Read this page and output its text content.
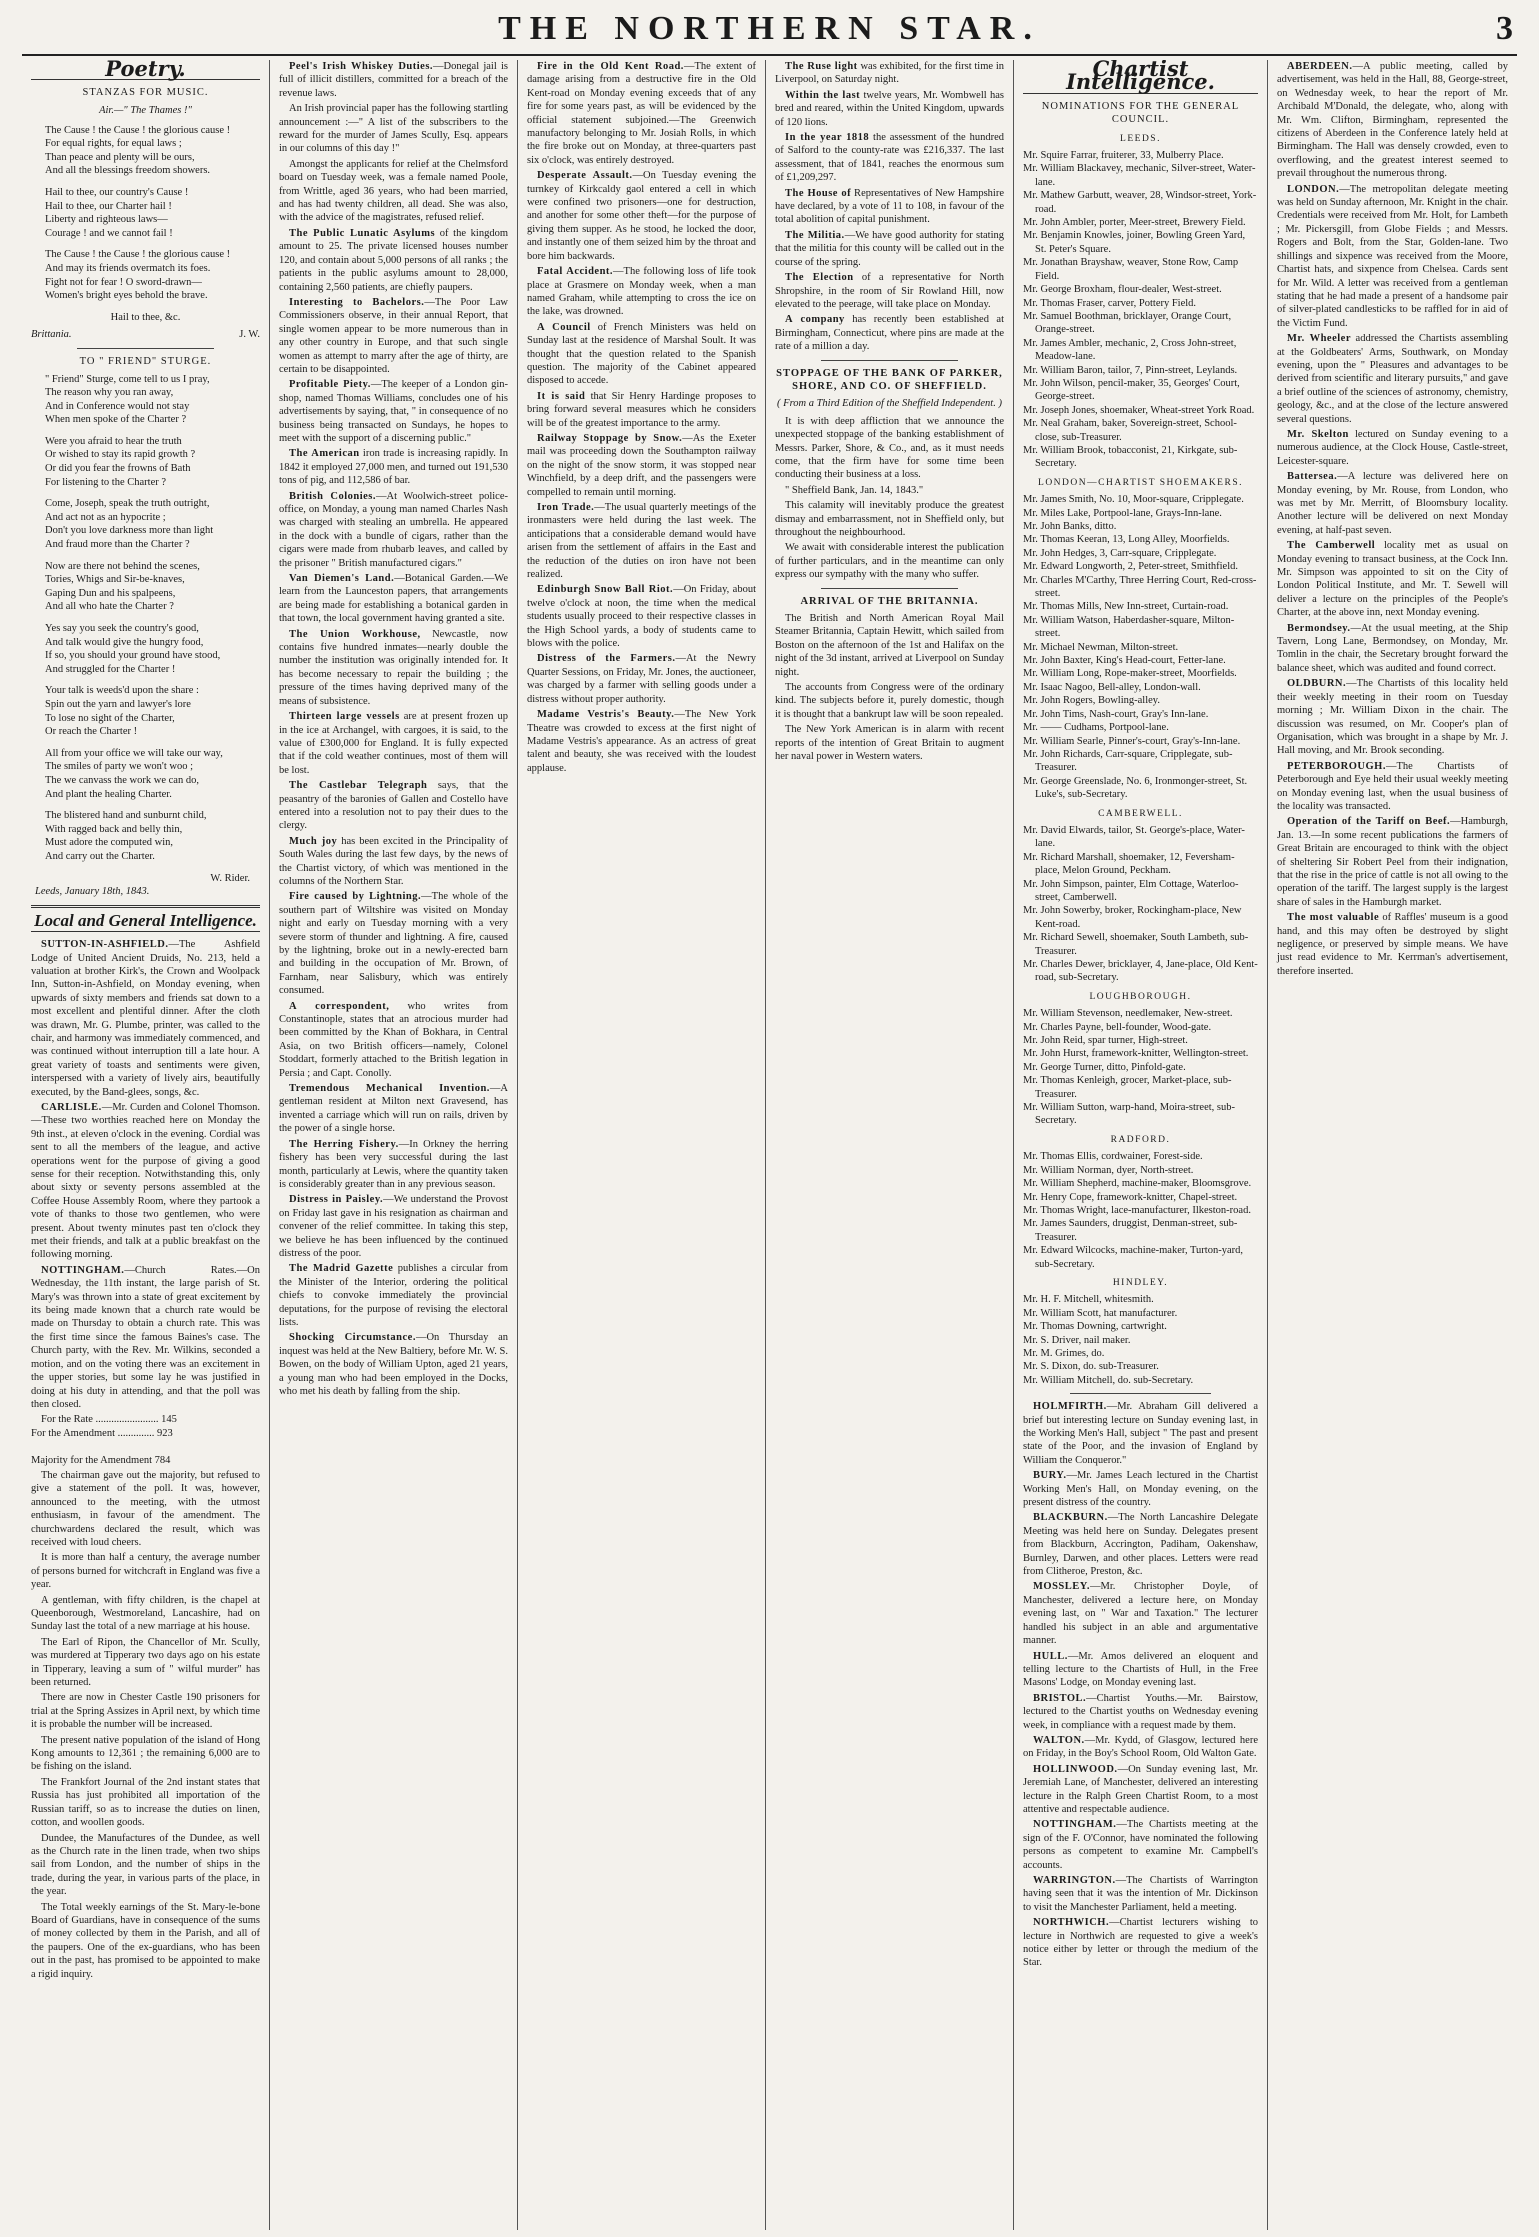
THE NORTHERN STAR.	3
Poetry.
STANZAS FOR MUSIC.
Air.—" The Thames !"
The Cause ! the Cause ! the glorious cause !
For equal rights, for equal laws ;
Than peace and plenty will be ours,
And all the blessings freedom showers.
Hail to thee, our country's Cause !
Hail to thee, our Charter hail !
Liberty and righteous laws—
Courage ! and we cannot fail !
The Cause ! the Cause ! the glorious cause !
And may its friends overmatch its foes.
Fight not for fear ! O sword-drawn—
Women's bright eyes behold the brave.
Hail to thee, &c.
Brittania.	J. W.
TO " FRIEND" STURGE.
" Friend" Sturge, come tell to us I pray,
The reason why you ran away,
And in Conference would not stay
When men spoke of the Charter ?
Were you afraid to hear the truth
Or wished to stay its rapid growth ?
Or did you fear the frowns of Bath
For listening to the Charter ?
Come, Joseph, speak the truth outright,
And act not as an hypocrite ;
Don't you love darkness more than light
And fraud more than the Charter ?
Now are there not behind the scenes,
Tories, Whigs and Sir-be-knaves,
Gaping Dun and his spalpeens,
And all who hate the Charter ?
Yes say you seek the country's good,
And talk would give the hungry food,
If so, you should your ground have stood,
And struggled for the Charter !
Your talk is weeds'd upon the share :
Spin out the yarn and lawyer's lore
To lose no sight of the Charter,
Or reach the Charter !
All from your office we will take our way,
The smiles of party we won't woo ;
The we canvass the work we can do,
And plant the healing Charter.
The blistered hand and sunburnt child,
With ragged back and belly thin,
Must adore the computed win,
And carry out the Charter.
W. Rider.
Leeds, January 18th, 1843.
Local and General Intelligence.

SUTTON-IN-ASHFIELD.—The Ashfield Lodge of United Ancient Druids, No. 213, held a valuation at brother Kirk's, the Crown and Woolpack Inn, Sutton-in-Ashfield, on Monday evening, when upwards of sixty members and friends sat down to a most excellent and plentiful dinner. After the cloth was drawn, Mr. G. Plumbe, printer, was called to the chair, and harmony was immediately commenced, and was continued without interruption till a late hour. A great variety of toasts and sentiments were given, interspersed with a variety of lively airs, beautifully executed, by the Band-glees, songs, &c.

CARLISLE.—Mr. Curden and Colonel Thomson.—These two worthies reached here on Monday the 9th inst., at eleven o'clock in the evening. Cordial was sent to all the members of the league, and active operations went for the purpose of giving a good sense for their reception. Notwithstanding this, only about sixty or seventy persons assembled at the Coffee House Assembly Room, where they partook a vote of thanks to those two gentlemen, who were present. About twenty minutes past ten o'clock they met their friends, and talk at a public breakfast on the following morning.

NOTTINGHAM.—Church Rates.—On Wednesday, the 11th instant, the large parish of St. Mary's was thrown into a state of great excitement by its being made known that a church rate would be made on Thursday to obtain a church rate. This was the first time since the famous Baines's case. The Church party, with the Rev. Mr. Wilkins, seconded a motion, and on the voting there was an excitement in the upper stories, but some lay he was justified in doing at his duty in attending, and that the poll was then closed.

For the Rate ........................ 145
For the Amendment .............. 923

Majority for the Amendment 784

The chairman gave out the majority, but refused to give a statement of the poll. It was, however, announced to the meeting, with the utmost enthusiasm, in favour of the amendment. The churchwardens declared the result, which was received with loud cheers.

It is more than half a century, the average number of persons burned for witchcraft in England was five a year.

A gentleman, with fifty children, is the chapel at Queenborough, Westmoreland, Lancashire, had on Sunday last the total of a new marriage at his house.

The Earl of Ripon, the Chancellor of Mr. Scully, was murdered at Tipperary two days ago on his estate in Tipperary, leaving a sum of " wilful murder" has been returned.

There are now in Chester Castle 190 prisoners for trial at the Spring Assizes in April next, by which time it is probable the number will be increased.

The present native population of the island of Hong Kong amounts to 12,361 ; the remaining 6,000 are to be fishing on the island.

The Frankfort Journal of the 2nd instant states that Russia has just prohibited all importation of the Russian tariff, so as to increase the duties on linen, cotton, and woollen goods.

Dundee, the Manufactures of the Dundee, as well as the Church rate in the linen trade, when two ships sail from London, and the number of ships in the trade, during the year, in various parts of the place, in the year.

The Total weekly earnings of the St. Mary-le-bone Board of Guardians, have in consequence of the sums of money collected by them in the Parish, and all of the paupers. One of the ex-guardians, who has been out in the past, has promised to be appointed to make a rigid inquiry.

Peel's Irish Whiskey Duties.—Donegal jail is full of illicit distillers, committed for a breach of the revenue laws.

An Irish provincial paper has the following startling announcement :—" A list of the subscribers to the reward for the murder of James Scully, Esq. appears in our columns of this day !"

Amongst the applicants for relief at the Chelmsford board on Tuesday week, was a female named Poole, from Writtle, aged 36 years, who had been married, and has had twenty children, all dead. She was also, with the advice of the magistrates, refused relief.

The Public Lunatic Asylums of the kingdom amount to 25. The private licensed houses number 120, and contain about 5,000 persons of all ranks ; the patients in the public asylums amount to 28,000, containing 2,560 patients, are chiefly paupers.

Interesting to Bachelors.—The Poor Law Commissioners observe, in their annual Report, that single women appear to be more numerous than in any other country in Europe, and that such single women as attempt to marry after the age of thirty, are certain to be disappointed.

Profitable Piety.—The keeper of a London gin-shop, named Thomas Williams, concludes one of his advertisements by saying, that, " in consequence of no business being transacted on Sundays, he hopes to meet with the support of a discerning public."

The American iron trade is increasing rapidly. In 1842 it employed 27,000 men, and turned out 191,530 tons of pig, and 112,586 of bar.

British Colonies.—At Woolwich-street police-office, on Monday, a young man named Charles Nash was charged with stealing an umbrella. He appeared in the dock with a bundle of cigars, rather than the cigars were made from rhubarb leaves, and called by the prisoner " British manufactured cigars."

Van Diemen's Land.—Botanical Garden.—We learn from the Launceston papers, that arrangements are being made for establishing a botanical garden in that town, the local government having granted a site.

The Union Workhouse, Newcastle, now contains five hundred inmates—nearly double the number the institution was originally intended for. It has become necessary to repair the building ; the pressure of the times having deprived many of the means of subsistence.

Thirteen large vessels are at present frozen up in the ice at Archangel, with cargoes, it is said, to the value of £300,000 for England. It is fully expected that if the cold weather continues, most of them will be lost.

The Castlebar Telegraph says, that the peasantry of the baronies of Gallen and Costello have entered into a resolution not to pay their dues to the clergy.

Much joy has been excited in the Principality of South Wales during the last few days, by the news of the Chartist victory, of which was mentioned in the columns of the Northern Star.

Fire caused by Lightning.—The whole of the southern part of Wiltshire was visited on Monday night and early on Tuesday morning with a very severe storm of thunder and lightning. A fire, caused by the lightning, broke out in a newly-erected barn and building in the occupation of Mr. Brown, of Farnham, near Salisbury, which was entirely consumed.

A correspondent, who writes from Constantinople, states that an atrocious murder had been committed by the Khan of Bokhara, in Central Asia, on two British officers—namely, Colonel Stoddart, formerly attached to the British legation in Persia ; and Capt. Conolly.

Tremendous Mechanical Invention.—A gentleman resident at Milton next Gravesend, has invented a carriage which will run on rails, driven by the power of a single horse.

The Herring Fishery.—In Orkney the herring fishery has been very successful during the last month, particularly at Lewis, where the quantity taken is considerably greater than in any previous season.

Distress in Paisley.—We understand the Provost on Friday last gave in his resignation as chairman and convener of the relief committee. In taking this step, we believe he has been influenced by the continued distress of the poor.

The Madrid Gazette publishes a circular from the Minister of the Interior, ordering the political chiefs to convoke immediately the provincial deputations, for the purpose of revising the electoral lists.

Shocking Circumstance.—On Thursday an inquest was held at the New Baltiery, before Mr. W. S. Bowen, on the body of William Upton, aged 21 years, a young man who had been employed in the Docks, who met his death by falling from the ship.

Fire in the Old Kent Road.—The extent of damage arising from a destructive fire in the Old Kent-road on Monday evening exceeds that of any fire for some years past, as will be evidenced by the official statement subjoined.—The Greenwich manufactory belonging to Mr. Josiah Rolls, in which the fire broke out on Monday, at three-quarters past six o'clock, was entirely destroyed.

Desperate Assault.—On Tuesday evening the turnkey of Kirkcaldy gaol entered a cell in which were confined two prisoners—one for destruction, and another for some other theft—for the purpose of giving them supper. As he stood, he locked the door, and instantly one of them seized him by the throat and bore him backwards.

Fatal Accident.—The following loss of life took place at Grasmere on Monday week, when a man named Graham, while attempting to cross the ice on the lake, was drowned.

A Council of French Ministers was held on Sunday last at the residence of Marshal Soult. It was thought that the question related to the Spanish question. The majority of the Cabinet appeared disposed to accede.

It is said that Sir Henry Hardinge proposes to bring forward several measures which he considers will be of the greatest importance to the army.

Railway Stoppage by Snow.—As the Exeter mail was proceeding down the Southampton railway on the night of the snow storm, it was stopped near Winchfield, by a deep drift, and the passengers were compelled to remain until morning.

Iron Trade.—The usual quarterly meetings of the ironmasters were held during the last week. The anticipations that a considerable demand would have arisen from the settlement of affairs in the East and the reduction of the duties on iron have not been realized.

Edinburgh Snow Ball Riot.—On Friday, about twelve o'clock at noon, the time when the medical students usually proceed to their respective classes in the High School yards, a body of students came to blows with the police.

Distress of the Farmers.—At the Newry Quarter Sessions, on Friday, Mr. Jones, the auctioneer, was charged by a farmer with selling goods under a distress without proper authority.

Madame Vestris's Beauty.—The New York Theatre was crowded to excess at the first night of Madame Vestris's appearance. As an actress of great talent and beauty, she was received with the loudest applause.

The Ruse light was exhibited, for the first time in Liverpool, on Saturday night.

Within the last twelve years, Mr. Wombwell has bred and reared, within the United Kingdom, upwards of 120 lions.

In the year 1818 the assessment of the hundred of Salford to the county-rate was £216,337. The last assessment, that of 1841, reaches the enormous sum of £1,209,297.

The House of Representatives of New Hampshire have declared, by a vote of 11 to 108, in favour of the total abolition of capital punishment.

The Militia.—We have good authority for stating that the militia for this county will be called out in the course of the spring.

The Election of a representative for North Shropshire, in the room of Sir Rowland Hill, now elevated to the peerage, will take place on Monday.

A company has recently been established at Birmingham, Connecticut, where pins are made at the rate of a million a day.

STOPPAGE OF THE BANK OF PARKER, SHORE, AND CO. OF SHEFFIELD.
( From a Third Edition of the Sheffield Independent. )

It is with deep affliction that we announce the unexpected stoppage of the banking establishment of Messrs. Parker, Shore, & Co., and, as it must needs come, that the firm have for some time been conducting their business at a loss.

" Sheffield Bank, Jan. 14, 1843."

This calamity will inevitably produce the greatest dismay and embarrassment, not in Sheffield only, but throughout the neighbourhood.

We await with considerable interest the publication of further particulars, and in the meantime can only express our sympathy with the many who suffer.

ARRIVAL OF THE BRITANNIA.

The British and North American Royal Mail Steamer Britannia, Captain Hewitt, which sailed from Boston on the afternoon of the 1st and Halifax on the night of the 3d instant, arrived at Liverpool on Sunday night.

The accounts from Congress were of the ordinary kind. The subjects before it, purely domestic, though it is thought that a bankrupt law will be soon repealed.

The New York American is in alarm with recent reports of the intention of Great Britain to augment her naval power in Western waters.

Chartist Intelligence.
NOMINATIONS FOR THE GENERAL COUNCIL.
LEEDS.

Mr. Squire Farrar, fruiterer, 33, Mulberry Place.

Mr. William Blackavey, mechanic, Silver-street, Water-lane.

Mr. Mathew Garbutt, weaver, 28, Windsor-street, York-road.

Mr. John Ambler, porter, Meer-street, Brewery Field.

Mr. Benjamin Knowles, joiner, Bowling Green Yard, St. Peter's Square.

Mr. Jonathan Brayshaw, weaver, Stone Row, Camp Field.

Mr. George Broxham, flour-dealer, West-street.

Mr. Thomas Fraser, carver, Pottery Field.

Mr. Samuel Boothman, bricklayer, Orange Court, Orange-street.

Mr. James Ambler, mechanic, 2, Cross John-street, Meadow-lane.

Mr. William Baron, tailor, 7, Pinn-street, Leylands.

Mr. John Wilson, pencil-maker, 35, Georges' Court, George-street.

Mr. Joseph Jones, shoemaker, Wheat-street York Road.

Mr. Neal Graham, baker, Sovereign-street, School-close, sub-Treasurer.

Mr. William Brook, tobacconist, 21, Kirkgate, sub-Secretary.

LONDON—CHARTIST SHOEMAKERS.

Mr. James Smith, No. 10, Moor-square, Cripplegate.

Mr. Miles Lake, Portpool-lane, Grays-Inn-lane.

Mr. John Banks, ditto.

Mr. Thomas Keeran, 13, Long Alley, Moorfields.

Mr. John Hedges, 3, Carr-square, Cripplegate.

Mr. Edward Longworth, 2, Peter-street, Smithfield.

Mr. Charles M'Carthy, Three Herring Court, Red-cross-street.

Mr. Thomas Mills, New Inn-street, Curtain-road.

Mr. William Watson, Haberdasher-square, Milton-street.

Mr. Michael Newman, Milton-street.

Mr. John Baxter, King's Head-court, Fetter-lane.

Mr. William Long, Rope-maker-street, Moorfields.

Mr. Isaac Nagoo, Bell-alley, London-wall.

Mr. John Rogers, Bowling-alley.

Mr. John Tims, Nash-court, Gray's Inn-lane.

Mr. —— Cudhams, Portpool-lane.

Mr. William Searle, Pinner's-court, Gray's-Inn-lane.

Mr. John Richards, Carr-square, Cripplegate, sub-Treasurer.

Mr. George Greenslade, No. 6, Ironmonger-street, St. Luke's, sub-Secretary.

CAMBERWELL.

Mr. David Elwards, tailor, St. George's-place, Water-lane.

Mr. Richard Marshall, shoemaker, 12, Feversham-place, Melon Ground, Peckham.

Mr. John Simpson, painter, Elm Cottage, Waterloo-street, Camberwell.

Mr. John Sowerby, broker, Rockingham-place, New Kent-road.

Mr. Richard Sewell, shoemaker, South Lambeth, sub-Treasurer.

Mr. Charles Dewer, bricklayer, 4, Jane-place, Old Kent-road, sub-Secretary.

LOUGHBOROUGH.

Mr. William Stevenson, needlemaker, New-street.

Mr. Charles Payne, bell-founder, Wood-gate.

Mr. John Reid, spar turner, High-street.

Mr. John Hurst, framework-knitter, Wellington-street.

Mr. George Turner, ditto, Pinfold-gate.

Mr. Thomas Kenleigh, grocer, Market-place, sub-Treasurer.

Mr. William Sutton, warp-hand, Moira-street, sub-Secretary.

RADFORD.

Mr. Thomas Ellis, cordwainer, Forest-side.

Mr. William Norman, dyer, North-street.

Mr. William Shepherd, machine-maker, Bloomsgrove.

Mr. Henry Cope, framework-knitter, Chapel-street.

Mr. Thomas Wright, lace-manufacturer, Ilkeston-road.

Mr. James Saunders, druggist, Denman-street, sub-Treasurer.

Mr. Edward Wilcocks, machine-maker, Turton-yard, sub-Secretary.

HINDLEY.

Mr. H. F. Mitchell, whitesmith.

Mr. William Scott, hat manufacturer.

Mr. Thomas Downing, cartwright.

Mr. S. Driver, nail maker.

Mr. M. Grimes, do.

Mr. S. Dixon, do. sub-Treasurer.

Mr. William Mitchell, do. sub-Secretary.

HOLMFIRTH.—Mr. Abraham Gill delivered a brief but interesting lecture on Sunday evening last, in the Working Men's Hall, subject " The past and present state of the Poor, and the invasion of England by William the Conqueror."

BURY.—Mr. James Leach lectured in the Chartist Working Men's Hall, on Monday evening, on the present distress of the country.

BLACKBURN.—The North Lancashire Delegate Meeting was held here on Sunday. Delegates present from Blackburn, Accrington, Padiham, Oakenshaw, Burnley, Darwen, and other places. Letters were read from Clitheroe, Preston, &c.

MOSSLEY.—Mr. Christopher Doyle, of Manchester, delivered a lecture here, on Monday evening last, on " War and Taxation." The lecturer handled his subject in an able and argumentative manner.

HULL.—Mr. Amos delivered an eloquent and telling lecture to the Chartists of Hull, in the Free Masons' Lodge, on Monday evening last.

BRISTOL.—Chartist Youths.—Mr. Bairstow, lectured to the Chartist youths on Wednesday evening week, in compliance with a request made by them.

WALTON.—Mr. Kydd, of Glasgow, lectured here on Friday, in the Boy's School Room, Old Walton Gate.

HOLLINWOOD.—On Sunday evening last, Mr. Jeremiah Lane, of Manchester, delivered an interesting lecture in the Ralph Green Chartist Room, to a most attentive and respectable audience.

NOTTINGHAM.—The Chartists meeting at the sign of the F. O'Connor, have nominated the following persons as competent to examine Mr. Campbell's accounts.

WARRINGTON.—The Chartists of Warrington having seen that it was the intention of Mr. Dickinson to visit the Manchester Parliament, held a meeting.

NORTHWICH.—Chartist lecturers wishing to lecture in Northwich are requested to give a week's notice either by letter or through the medium of the Star.

ABERDEEN.—A public meeting, called by advertisement, was held in the Hall, 88, George-street, on Wednesday week, to hear the report of Mr. Archibald M'Donald, the delegate, who, along with Mr. Wm. Clifton, Birmingham, represented the citizens of Aberdeen in the Conference lately held at Birmingham. The Hall was densely crowded, even to overflowing, and the greatest interest seemed to prevail throughout the numerous throng.

LONDON.—The metropolitan delegate meeting was held on Sunday afternoon, Mr. Knight in the chair. Credentials were received from Mr. Holt, for Lambeth ; Mr. Pickersgill, from Globe Fields ; and Messrs. Rogers and Bolt, from the Star, Golden-lane. Two shillings and sixpence was received from the Moore, Chartist hats, and sixpence from Chelsea. Cards sent for Mr. Wild. A letter was received from a gentleman stating that he had made a present of a handsome pair of silver-plated candlesticks to be raffled for in aid of the Victim Fund.

Mr. Wheeler addressed the Chartists assembling at the Goldbeaters' Arms, Southwark, on Monday evening, upon the " Pleasures and advantages to be derived from scientific and literary pursuits," and gave a brief outline of the sciences of astronomy, chemistry, geology, &c., and at the close of the lecture answered several questions.

Mr. Skelton lectured on Sunday evening to a numerous audience, at the Clock House, Castle-street, Leicester-square.

Battersea.—A lecture was delivered here on Monday evening, by Mr. Rouse, from London, who was met by Mr. Merritt, of Bloomsbury locality. Another lecture will be delivered on next Monday evening, at half-past seven.

The Camberwell locality met as usual on Monday evening to transact business, at the Cock Inn. Mr. Simpson was appointed to sit on the City of London Political Institute, and Mr. T. Sewell will deliver a lecture on the principles of the People's Charter, at the above inn, next Monday evening.

Bermondsey.—At the usual meeting, at the Ship Tavern, Long Lane, Bermondsey, on Monday, Mr. Tomlin in the chair, the Secretary brought forward the balance sheet, which was audited and found correct.

OLDBURN.—The Chartists of this locality held their weekly meeting in their room on Tuesday morning ; Mr. William Dixon in the chair. The discussion was resumed, on Mr. Cooper's plan of Organisation, which was brought in a shape by Mr. J. Hall moving, and Mr. Brook seconding.

PETERBOROUGH.—The Chartists of Peterborough and Eye held their usual weekly meeting on Monday evening last, when the usual business of the locality was transacted.

Operation of the Tariff on Beef.—Hamburgh, Jan. 13.—In some recent publications the farmers of Great Britain are encouraged to think with the object of sheltering Sir Robert Peel from their indignation, that the rise in the price of cattle is not all owing to the operation of the tariff. The largest supply is the largest share of sales in the Hamburgh market.

The most valuable of Raffles' museum is a good hand, and this may often be destroyed by slight negligence, or preserved by simple means. We have just read evidence to Mr. Kerrman's advertisement, therefore inserted.
